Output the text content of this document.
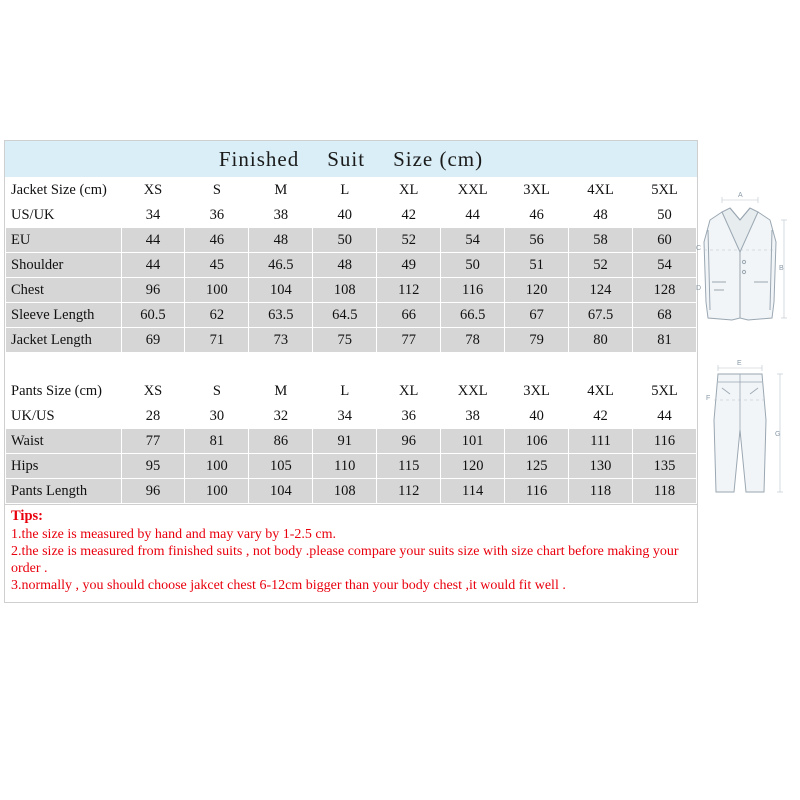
Finished Suit Size (cm)
Jacket Size (cm)	XS	S	M	L	XL	XXL	3XL	4XL	5XL
US/UK	34	36	38	40	42	44	46	48	50
EU	44	46	48	50	52	54	56	58	60
Shoulder	44	45	46.5	48	49	50	51	52	54
Chest	96	100	104	108	112	116	120	124	128
Sleeve Length	60.5	62	63.5	64.5	66	66.5	67	67.5	68
Jacket Length	69	71	73	75	77	78	79	80	81

Pants Size (cm)	XS	S	M	L	XL	XXL	3XL	4XL	5XL
UK/US	28	30	32	34	36	38	40	42	44
Waist	77	81	86	91	96	101	106	111	116
Hips	95	100	105	110	115	120	125	130	135
Pants Length	96	100	104	108	112	114	116	118	118
Tips:
1.the size is measured by hand and may vary by 1-2.5 cm.
2.the size is measured from finished suits , not body .please compare your suits size with size chart before making your order .
3.normally , you should choose jakcet chest 6-12cm bigger than your body chest ,it would fit well .
A
B
C
D
E
F
G
